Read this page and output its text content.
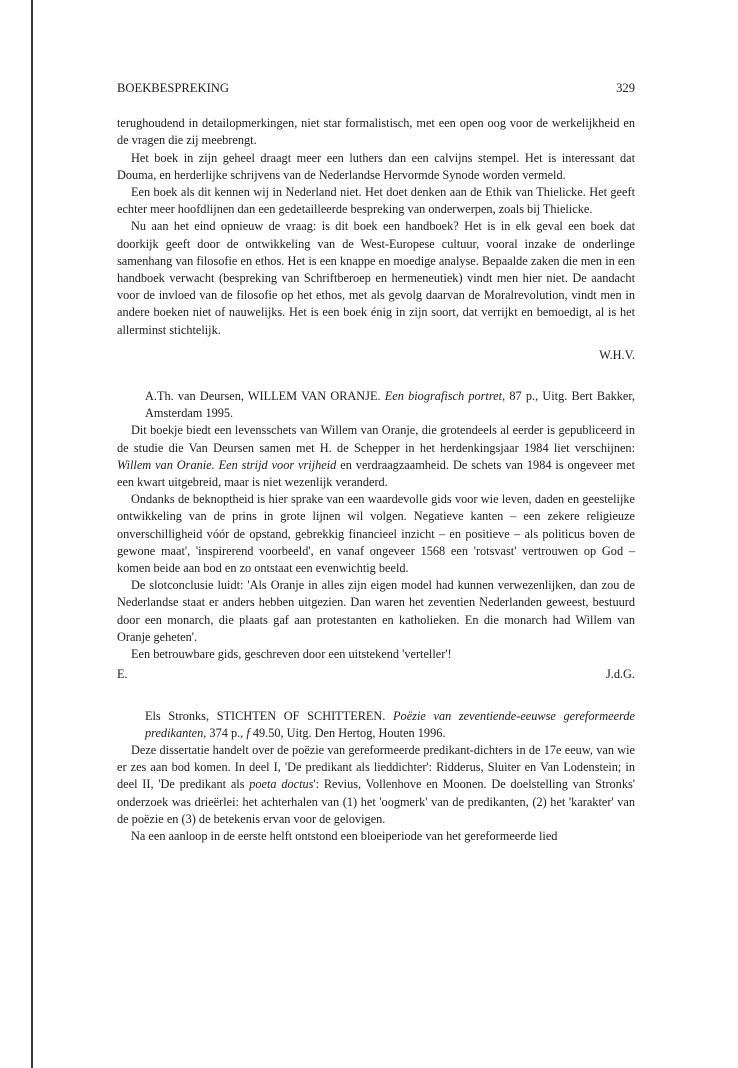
BOEKBESPREKING	329

terughoudend in detailopmerkingen, niet star formalistisch, met een open oog voor de werkelijkheid en de vragen die zij meebrengt.

Het boek in zijn geheel draagt meer een luthers dan een calvijns stempel. Het is interessant dat Douma, en herderlijke schrijvens van de Nederlandse Hervormde Synode worden vermeld.

Een boek als dit kennen wij in Nederland niet. Het doet denken aan de Ethik van Thielicke. Het geeft echter meer hoofdlijnen dan een gedetailleerde bespreking van onderwerpen, zoals bij Thielicke.

Nu aan het eind opnieuw de vraag: is dit boek een handboek? Het is in elk geval een boek dat doorkijk geeft door de ontwikkeling van de West-Europese cultuur, vooral inzake de onderlinge samenhang van filosofie en ethos. Het is een knappe en moedige analyse. Bepaalde zaken die men in een handboek verwacht (bespreking van Schriftberoep en hermeneutiek) vindt men hier niet. De aandacht voor de invloed van de filosofie op het ethos, met als gevolg daarvan de Moralrevolution, vindt men in andere boeken niet of nauwelijks. Het is een boek énig in zijn soort, dat verrijkt en bemoedigt, al is het allerminst stichtelijk.

W.H.V.

A.Th. van Deursen, WILLEM VAN ORANJE. Een biografisch portret, 87 p., Uitg. Bert Bakker, Amsterdam 1995.

Dit boekje biedt een levensschets van Willem van Oranje, die grotendeels al eerder is gepubliceerd in de studie die Van Deursen samen met H. de Schepper in het herdenkingsjaar 1984 liet verschijnen: Willem van Oranie. Een strijd voor vrijheid en verdraagzaamheid. De schets van 1984 is ongeveer met een kwart uitgebreid, maar is niet wezenlijk veranderd.

Ondanks de beknoptheid is hier sprake van een waardevolle gids voor wie leven, daden en geestelijke ontwikkeling van de prins in grote lijnen wil volgen. Negatieve kanten – een zekere religieuze onverschilligheid vóór de opstand, gebrekkig financieel inzicht – en positieve – als politicus boven de gewone maat', 'inspirerend voorbeeld', en vanaf ongeveer 1568 een 'rotsvast' vertrouwen op God – komen beide aan bod en zo ontstaat een evenwichtig beeld.

De slotconclusie luidt: 'Als Oranje in alles zijn eigen model had kunnen verwezenlijken, dan zou de Nederlandse staat er anders hebben uitgezien. Dan waren het zeventien Nederlanden geweest, bestuurd door een monarch, die plaats gaf aan protestanten en katholieken. En die monarch had Willem van Oranje geheten'.

Een betrouwbare gids, geschreven door een uitstekend 'verteller'!

E.	J.d.G.

Els Stronks, STICHTEN OF SCHITTEREN. Poëzie van zeventiende-eeuwse gereformeerde predikanten, 374 p., f 49.50, Uitg. Den Hertog, Houten 1996.

Deze dissertatie handelt over de poëzie van gereformeerde predikant-dichters in de 17e eeuw, van wie er zes aan bod komen. In deel I, 'De predikant als lieddichter': Ridderus, Sluiter en Van Lodenstein; in deel II, 'De predikant als poeta doctus': Revius, Vollenhove en Moonen. De doelstelling van Stronks' onderzoek was drieërlei: het achterhalen van (1) het 'oogmerk' van de predikanten, (2) het 'karakter' van de poëzie en (3) de betekenis ervan voor de gelovigen.

Na een aanloop in de eerste helft ontstond een bloeiperiode van het gereformeerde lied
